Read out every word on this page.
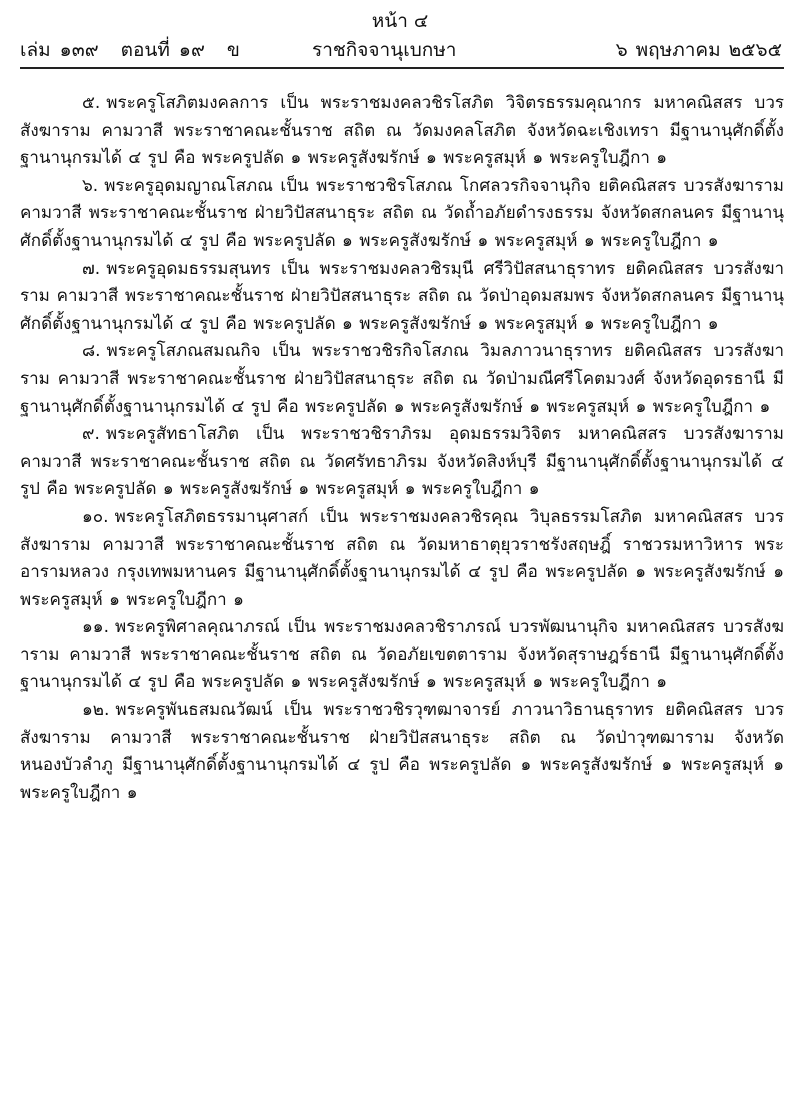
หน้า ๔
เล่ม ๑๓๙ ตอนที่ ๑๙ ข	ราชกิจจานุเบกษา	๖ พฤษภาคม ๒๕๖๕

๕. พระครูโสภิตมงคลการ เป็น พระราชมงคลวชิรโสภิต วิจิตรธรรมคุณากร มหาคณิสสร บวรสังฆาราม คามวาสี พระราชาคณะชั้นราช สถิต ณ วัดมงคลโสภิต จังหวัดฉะเชิงเทรา มีฐานานุศักดิ์ตั้งฐานานุกรมได้ ๔ รูป คือ พระครูปลัด ๑ พระครูสังฆรักษ์ ๑ พระครูสมุห์ ๑ พระครูใบฎีกา ๑

๖. พระครูอุดมญาณโสภณ เป็น พระราชวชิรโสภณ โกศลวรกิจจานุกิจ ยติคณิสสร บวรสังฆาราม คามวาสี พระราชาคณะชั้นราช ฝ่ายวิปัสสนาธุระ สถิต ณ วัดถ้ำอภัยดำรงธรรม จังหวัดสกลนคร มีฐานานุศักดิ์ตั้งฐานานุกรมได้ ๔ รูป คือ พระครูปลัด ๑ พระครูสังฆรักษ์ ๑ พระครูสมุห์ ๑ พระครูใบฎีกา ๑

๗. พระครูอุดมธรรมสุนทร เป็น พระราชมงคลวชิรมุนี ศรีวิปัสสนาธุราทร ยติคณิสสร บวรสังฆาราม คามวาสี พระราชาคณะชั้นราช ฝ่ายวิปัสสนาธุระ สถิต ณ วัดป่าอุดมสมพร จังหวัดสกลนคร มีฐานานุศักดิ์ตั้งฐานานุกรมได้ ๔ รูป คือ พระครูปลัด ๑ พระครูสังฆรักษ์ ๑ พระครูสมุห์ ๑ พระครูใบฎีกา ๑

๘. พระครูโสภณสมณกิจ เป็น พระราชวชิรกิจโสภณ วิมลภาวนาธุราทร ยติคณิสสร บวรสังฆาราม คามวาสี พระราชาคณะชั้นราช ฝ่ายวิปัสสนาธุระ สถิต ณ วัดป่ามณีศรีโคตมวงศ์ จังหวัดอุดรธานี มีฐานานุศักดิ์ตั้งฐานานุกรมได้ ๔ รูป คือ พระครูปลัด ๑ พระครูสังฆรักษ์ ๑ พระครูสมุห์ ๑ พระครูใบฎีกา ๑

๙. พระครูสัทธาโสภิต เป็น พระราชวชิราภิรม อุดมธรรมวิจิตร มหาคณิสสร บวรสังฆาราม คามวาสี พระราชาคณะชั้นราช สถิต ณ วัดศรัทธาภิรม จังหวัดสิงห์บุรี มีฐานานุศักดิ์ตั้งฐานานุกรมได้ ๔ รูป คือ พระครูปลัด ๑ พระครูสังฆรักษ์ ๑ พระครูสมุห์ ๑ พระครูใบฎีกา ๑

๑๐. พระครูโสภิตธรรมานุศาสก์ เป็น พระราชมงคลวชิรคุณ วิบุลธรรมโสภิต มหาคณิสสร บวรสังฆาราม คามวาสี พระราชาคณะชั้นราช สถิต ณ วัดมหาธาตุยุวราชรังสฤษฎิ์ ราชวรมหาวิหาร พระอารามหลวง กรุงเทพมหานคร มีฐานานุศักดิ์ตั้งฐานานุกรมได้ ๔ รูป คือ พระครูปลัด ๑ พระครูสังฆรักษ์ ๑ พระครูสมุห์ ๑ พระครูใบฎีกา ๑

๑๑. พระครูพิศาลคุณาภรณ์ เป็น พระราชมงคลวชิราภรณ์ บวรพัฒนานุกิจ มหาคณิสสร บวรสังฆาราม คามวาสี พระราชาคณะชั้นราช สถิต ณ วัดอภัยเขตตาราม จังหวัดสุราษฎร์ธานี มีฐานานุศักดิ์ตั้งฐานานุกรมได้ ๔ รูป คือ พระครูปลัด ๑ พระครูสังฆรักษ์ ๑ พระครูสมุห์ ๑ พระครูใบฎีกา ๑

๑๒. พระครูพันธสมณวัฒน์ เป็น พระราชวชิรวุฑฒาจารย์ ภาวนาวิธานธุราทร ยติคณิสสร บวรสังฆาราม คามวาสี พระราชาคณะชั้นราช ฝ่ายวิปัสสนาธุระ สถิต ณ วัดป่าวุฑฒาราม จังหวัดหนองบัวลำภู มีฐานานุศักดิ์ตั้งฐานานุกรมได้ ๔ รูป คือ พระครูปลัด ๑ พระครูสังฆรักษ์ ๑ พระครูสมุห์ ๑ พระครูใบฎีกา ๑
